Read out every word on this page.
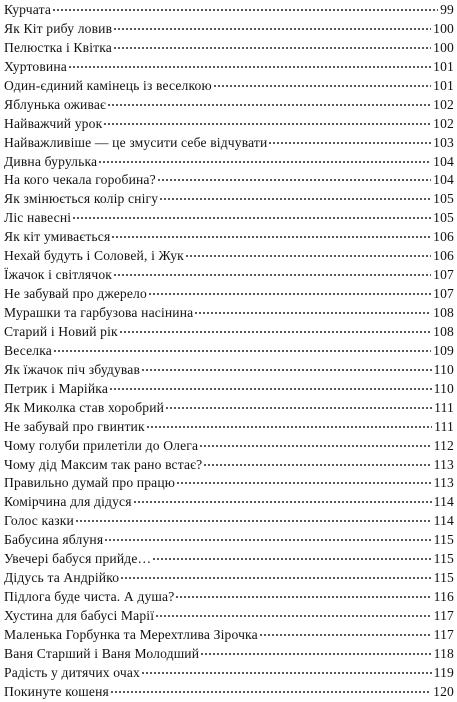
Курчата	99
Як Кіт рибу ловив	100
Пелюстка і Квітка	100
Хуртовина	101
Один-єдиний камінець із веселкою	101
Яблунька оживає	102
Найважчий урок	102
Найважливіше — це змусити себе відчувати	103
Дивна бурулька	104
На кого чекала горобина?	104
Як змінюється колір снігу	105
Ліс навесні	105
Як кіт умивається	106
Нехай будуть і Соловей, і Жук	106
Їжачок і світлячок	107
Не забувай про джерело	107
Мурашки та гарбузова насінина	108
Старий і Новий рік	108
Веселка	109
Як їжачок піч збудував	110
Петрик і Марійка	110
Як Миколка став хоробрий	111
Не забувай про гвинтик	111
Чому голуби прилетіли до Олега	112
Чому дід Максим так рано встає?	113
Правильно думай про працю	113
Комірчина для дідуся	114
Голос казки	114
Бабусина яблуня	115
Увечері бабуся прийде…	115
Дідусь та Андрійко	115
Підлога буде чиста. А душа?	116
Хустина для бабусі Марії	117
Маленька Горбунка та Мерехтлива Зірочка	117
Ваня Старший і Ваня Молодший	118
Радість у дитячих очах	119
Покинуте кошеня	120
